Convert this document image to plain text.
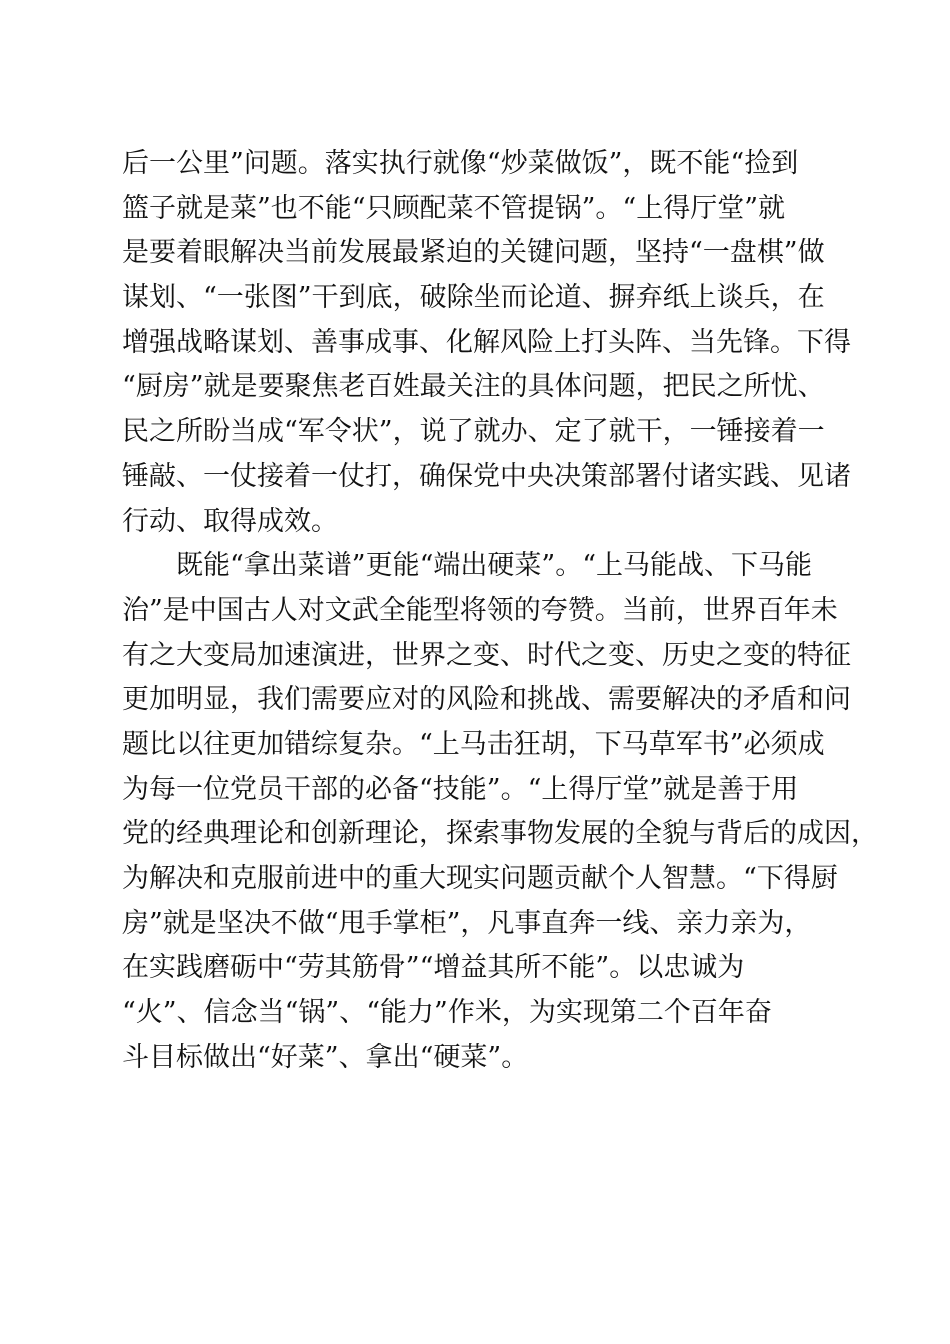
后一公里”问题。落实执行就像“炒菜做饭”，既不能“捡到
篮子就是菜”也不能“只顾配菜不管提锅”。“上得厅堂”就
是要着眼解决当前发展最紧迫的关键问题，坚持“一盘棋”做
谋划、“一张图”干到底，破除坐而论道、摒弃纸上谈兵，在
增强战略谋划、善事成事、化解风险上打头阵、当先锋。下得
“厨房”就是要聚焦老百姓最关注的具体问题，把民之所忧、
民之所盼当成“军令状”，说了就办、定了就干，一锤接着一
锤敲、一仗接着一仗打，确保党中央决策部署付诸实践、见诸
行动、取得成效。
　　既能“拿出菜谱”更能“端出硬菜”。“上马能战、下马能
治”是中国古人对文武全能型将领的夸赞。当前，世界百年未
有之大变局加速演进，世界之变、时代之变、历史之变的特征
更加明显，我们需要应对的风险和挑战、需要解决的矛盾和问
题比以往更加错综复杂。“上马击狂胡，下马草军书”必须成
为每一位党员干部的必备“技能”。“上得厅堂”就是善于用
党的经典理论和创新理论，探索事物发展的全貌与背后的成因，
为解决和克服前进中的重大现实问题贡献个人智慧。“下得厨
房”就是坚决不做“甩手掌柜”，凡事直奔一线、亲力亲为，
在实践磨砺中“劳其筋骨”“增益其所不能”。以忠诚为
“火”、信念当“锅”、“能力”作米，为实现第二个百年奋
斗目标做出“好菜”、拿出“硬菜”。
